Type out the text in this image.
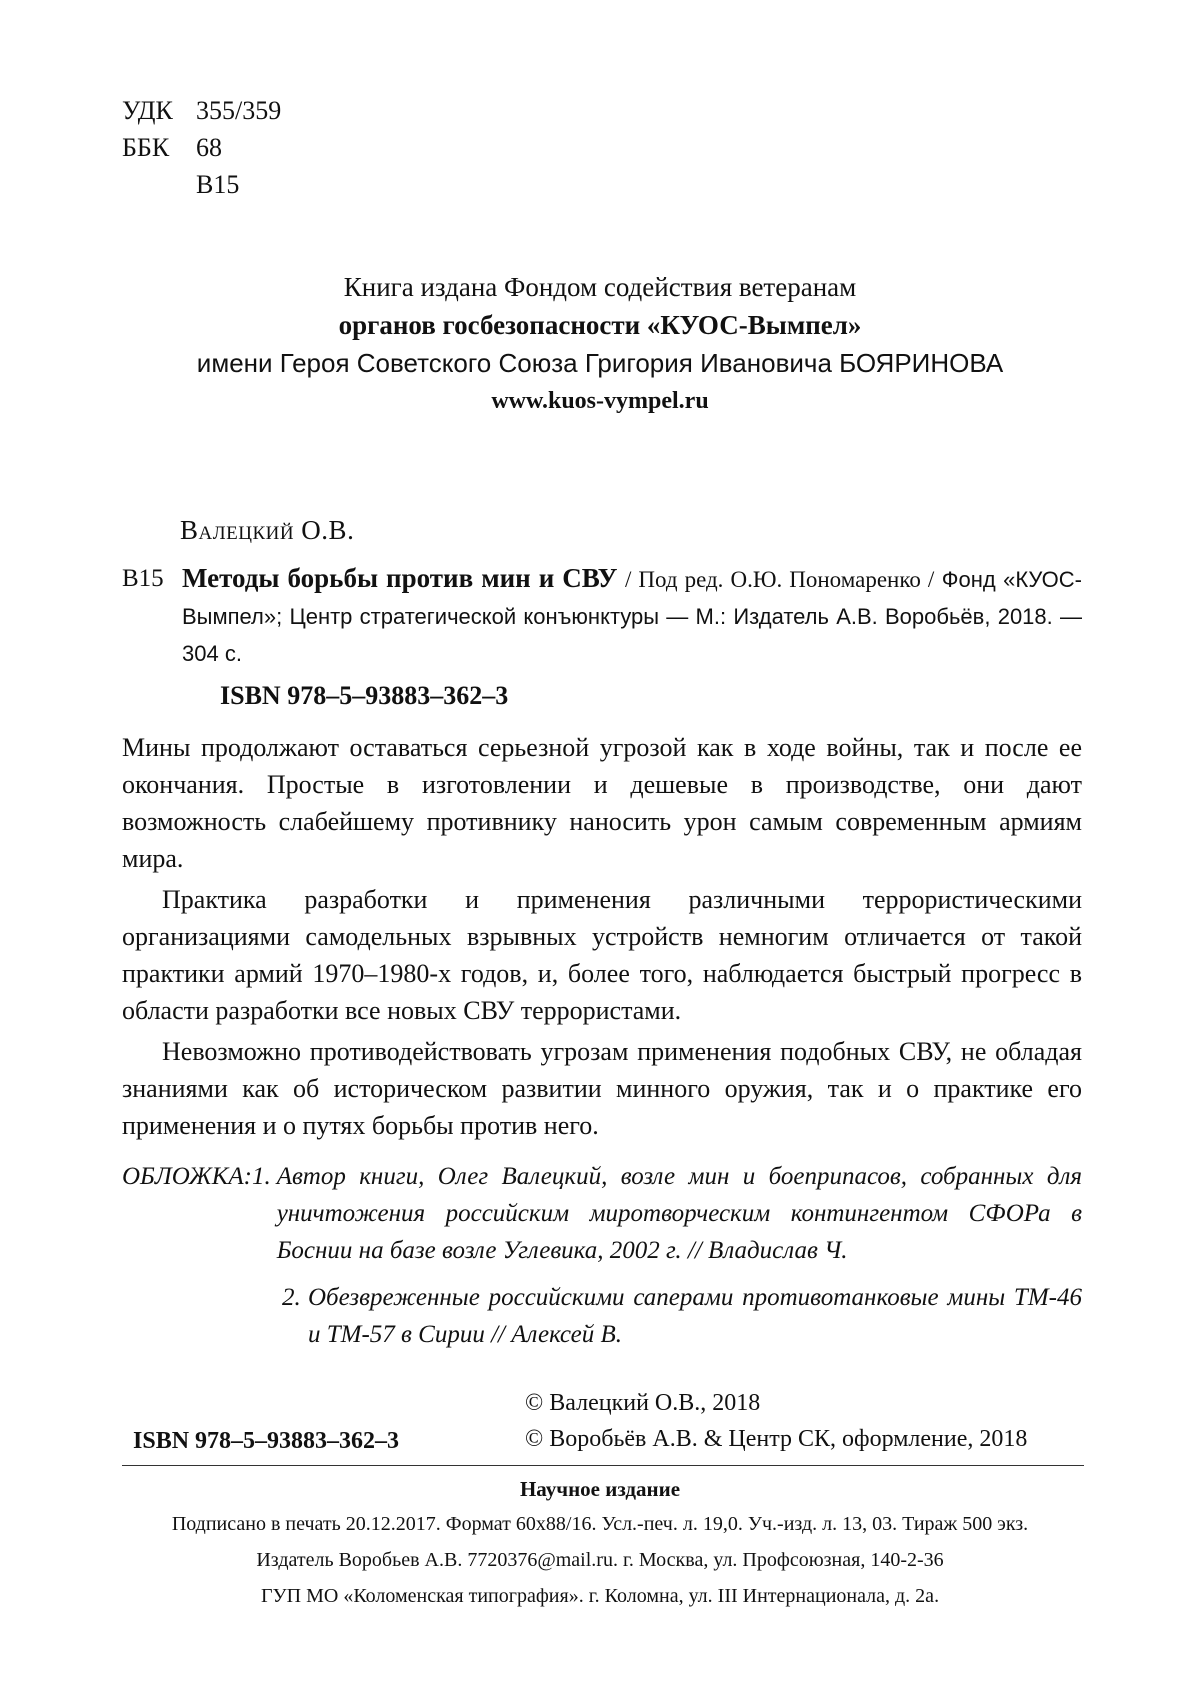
УДК 355/359
ББК 68
В15
Книга издана Фондом содействия ветеранам
органов госбезопасности «КУОС-Вымпел»
имени Героя Советского Союза Григория Ивановича БОЯРИНОВА
www.kuos-vympel.ru
Валецкий О.В.
В15 Методы борьбы против мин и СВУ / Под ред. О.Ю. Пономаренко / Фонд «КУОС-Вымпел»; Центр стратегической конъюнктуры — М.: Издатель А.В. Воробьёв, 2018. — 304 с.
ISBN 978–5–93883–362–3

Мины продолжают оставаться серьезной угрозой как в ходе войны, так и после ее окончания. Простые в изготовлении и дешевые в производстве, они дают возможность слабейшему противнику наносить урон самым современным армиям мира.

Практика разработки и применения различными террористическими организациями самодельных взрывных устройств немногим отличается от такой практики армий 1970–1980-х годов, и, более того, наблюдается быстрый прогресс в области разработки все новых СВУ террористами.

Невозможно противодействовать угрозам применения подобных СВУ, не обладая знаниями как об историческом развитии минного оружия, так и о практике его применения и о путях борьбы против него.

ОБЛОЖКА: 1. Автор книги, Олег Валецкий, возле мин и боеприпасов, собранных для уничтожения российским миротворческим контингентом СФОРа в Боснии на базе возле Углевика, 2002 г. // Владислав Ч.
2. Обезвреженные российскими саперами противотанковые мины ТМ-46 и ТМ-57 в Сирии // Алексей В.
© Валецкий О.В., 2018
© Воробьёв А.В. & Центр СК, оформление, 2018
ISBN 978–5–93883–362–3
Научное издание
Подписано в печать 20.12.2017. Формат 60х88/16. Усл.-печ. л. 19,0. Уч.-изд. л. 13, 03. Тираж 500 экз.
Издатель Воробьев А.В. 7720376@mail.ru. г. Москва, ул. Профсоюзная, 140-2-36
ГУП МО «Коломенская типография». г. Коломна, ул. III Интернационала, д. 2а.
